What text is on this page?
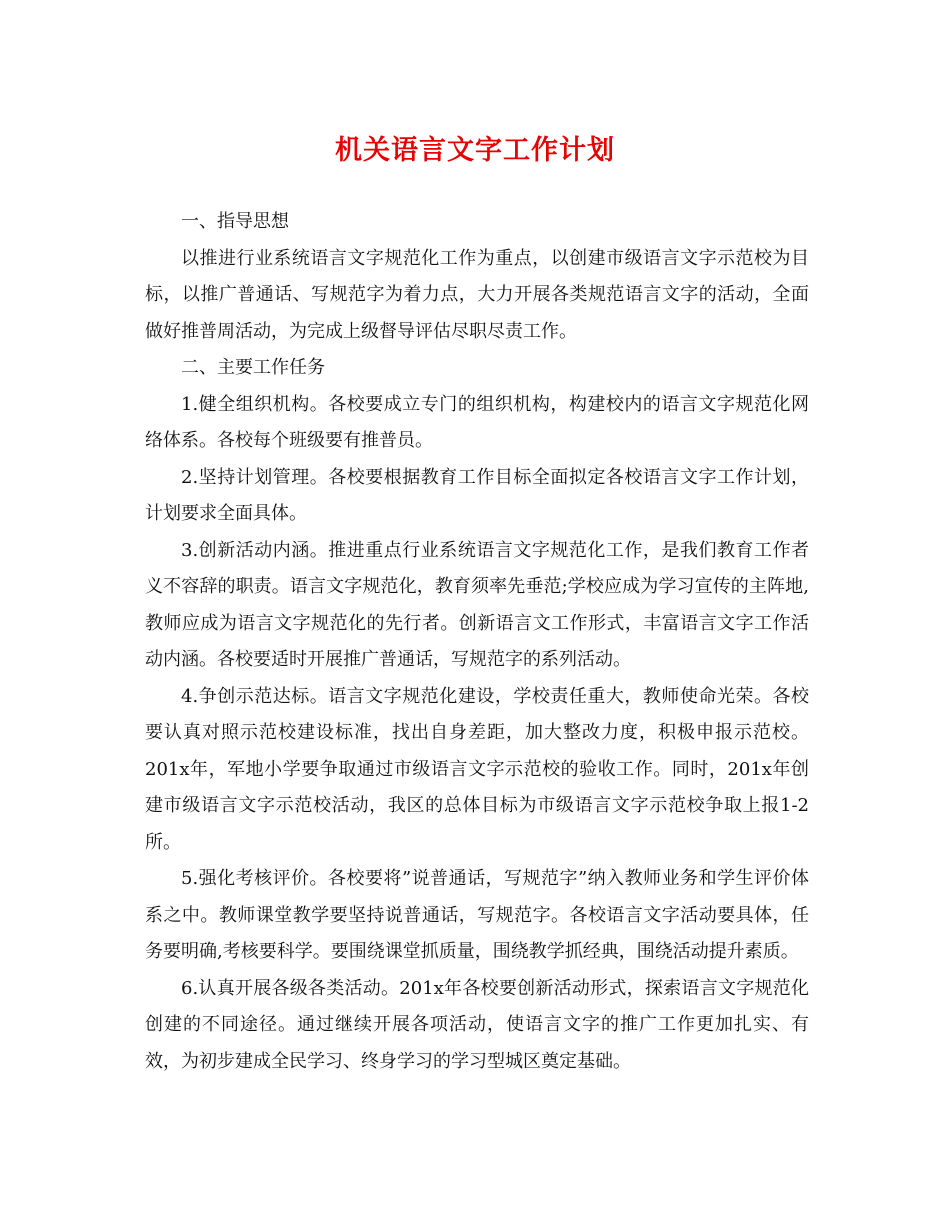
机关语言文字工作计划

一、指导思想

以推进行业系统语言文字规范化工作为重点，以创建市级语言文字示范校为目标，以推广普通话、写规范字为着力点，大力开展各类规范语言文字的活动，全面做好推普周活动，为完成上级督导评估尽职尽责工作。

二、主要工作任务

1.健全组织机构。各校要成立专门的组织机构，构建校内的语言文字规范化网络体系。各校每个班级要有推普员。

2.坚持计划管理。各校要根据教育工作目标全面拟定各校语言文字工作计划，计划要求全面具体。

3.创新活动内涵。推进重点行业系统语言文字规范化工作，是我们教育工作者义不容辞的职责。语言文字规范化，教育须率先垂范;学校应成为学习宣传的主阵地,教师应成为语言文字规范化的先行者。创新语言文工作形式，丰富语言文字工作活动内涵。各校要适时开展推广普通话，写规范字的系列活动。

4.争创示范达标。语言文字规范化建设，学校责任重大，教师使命光荣。各校要认真对照示范校建设标准，找出自身差距，加大整改力度，积极申报示范校。201x年，军地小学要争取通过市级语言文字示范校的验收工作。同时，201x年创建市级语言文字示范校活动，我区的总体目标为市级语言文字示范校争取上报1-2所。

5.强化考核评价。各校要将”说普通话，写规范字”纳入教师业务和学生评价体系之中。教师课堂教学要坚持说普通话，写规范字。各校语言文字活动要具体，任务要明确,考核要科学。要围绕课堂抓质量，围绕教学抓经典，围绕活动提升素质。

6.认真开展各级各类活动。201x年各校要创新活动形式，探索语言文字规范化创建的不同途径。通过继续开展各项活动，使语言文字的推广工作更加扎实、有效，为初步建成全民学习、终身学习的学习型城区奠定基础。
